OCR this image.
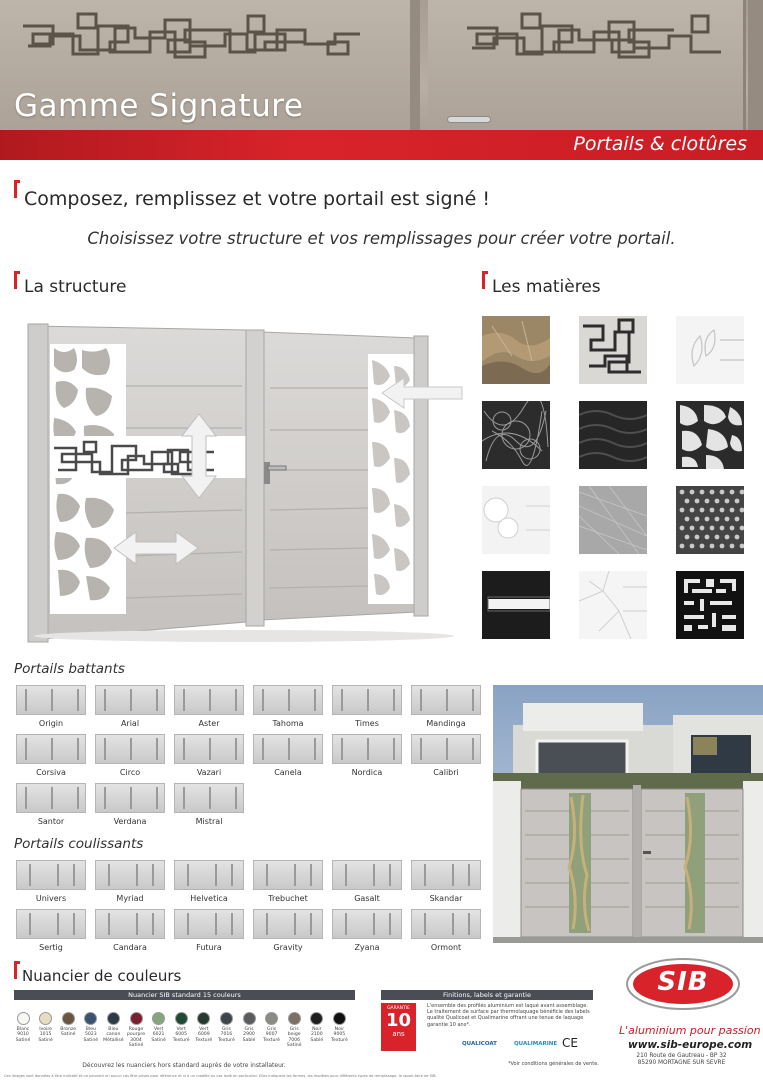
Gamme Signature
Portails & clotûres
Composez, remplissez et votre portail est signé !
Choisissez votre structure et vos remplissages pour créer votre portail.
La structure	Les matières
Portails battants
Origin	Arial	Aster	Tahoma	Times	Mandinga
Corsiva	Circo	Vazari	Canela	Nordica	Calibri
Santor	Verdana	Mistral
Portails coulissants
Univers	Myriad	Helvetica	Trebuchet	Gasalt	Skandar
Sertig	Candara	Futura	Gravity	Zyana	Ormont
Nuancier de couleurs
Nuancier SIB standard 15 couleurs
Blanc
9010
Satiné
Ivoire
1015
Satiné
Bronze
Satiné
Bleu
5023
Satiné
Bleu
canon
Métallisé
Rouge
pourpre
3004
Satiné
Vert
6021
Satiné
Vert
6005
Texturé
Vert
6009
Texturé
Gris
7016
Texturé
Gris
2900
Sablé
Gris
9007
Texturé
Gris
beige
7006
Satiné
Noir
2100
Sablé
Noir
9005
Texturé
Découvrez les nuanciers hors standard auprès de votre installateur.
Finitions, labels et garantie
GARANTIE
10
ans
L'ensemble des profilés aluminium est laqué avant assemblage. Le traitement de surface par thermolaquage bénéficie des labels qualité Qualicoat et Qualimarine offrant une tenue de laquage garantie 10 ans*.
QUALICOAT	QUALIMARINE CE
*Voir conditions générales de vente.
SIB
L'aluminium pour passion
www.sib-europe.com
210 Route de Gautreau - BP 32
85290 MORTAGNE SUR SEVRE
Ces images sont données à titre indicatif et ne peuvent en aucun cas être prises pour référence et ni à un modèle ou cas isolé en particulier. Elles indiquent les formes, les modèles pour différents types de remplissage, le savoir-faire de SIB.
